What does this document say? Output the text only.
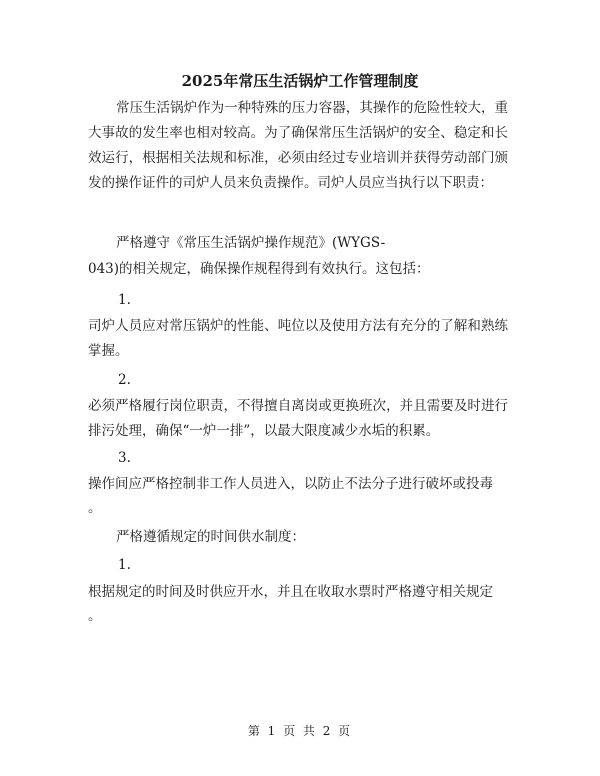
2025年常压生活锅炉工作管理制度

常压生活锅炉作为一种特殊的压力容器，其操作的危险性较大，重大事故的发生率也相对较高。为了确保常压生活锅炉的安全、稳定和长效运行，根据相关法规和标准，必须由经过专业培训并获得劳动部门颁发的操作证件的司炉人员来负责操作。司炉人员应当执行以下职责：

严格遵守《常压生活锅炉操作规范》(WYGS-

043)的相关规定，确保操作规程得到有效执行。这包括：

1.

司炉人员应对常压锅炉的性能、吨位以及使用方法有充分的了解和熟练掌握。

2.

必须严格履行岗位职责，不得擅自离岗或更换班次，并且需要及时进行排污处理，确保“一炉一排”，以最大限度减少水垢的积累。

3.

操作间应严格控制非工作人员进入，以防止不法分子进行破坏或投毒

。

严格遵循规定的时间供水制度：

1.

根据规定的时间及时供应开水，并且在收取水票时严格遵守相关规定

。

第 1 页 共 2 页
